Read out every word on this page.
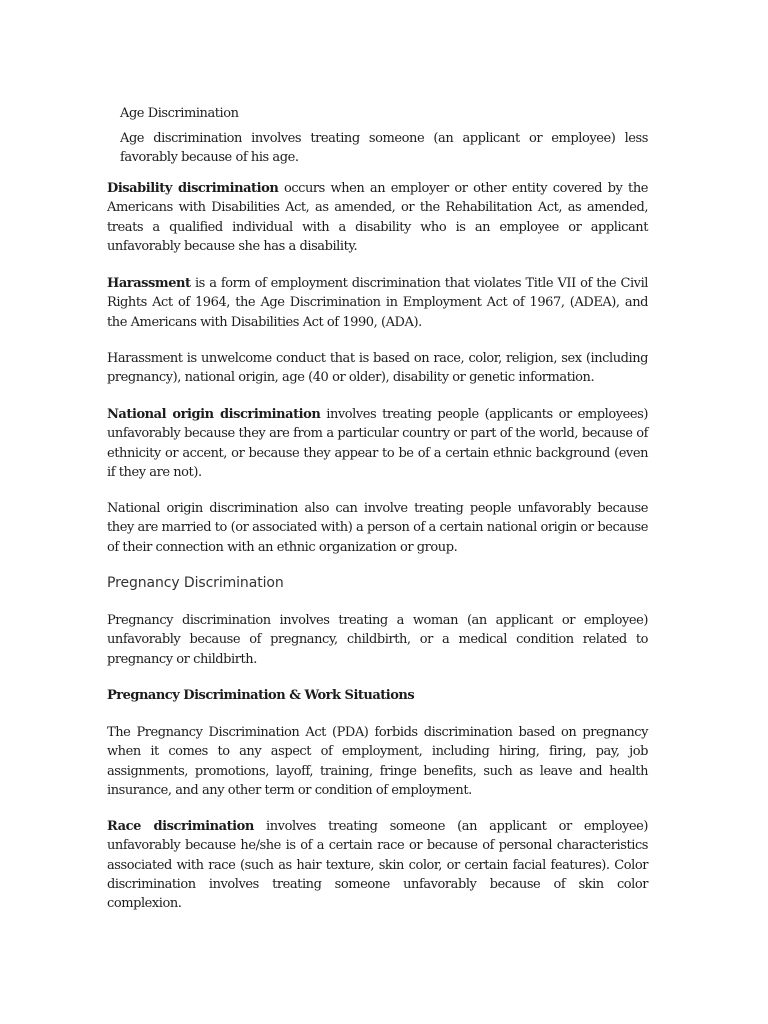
Age Discrimination

Age discrimination involves treating someone (an applicant or employee) less favorably because of his age.

Disability discrimination occurs when an employer or other entity covered by the Americans with Disabilities Act, as amended, or the Rehabilitation Act, as amended, treats a qualified individual with a disability who is an employee or applicant unfavorably because she has a disability.

Harassment is a form of employment discrimination that violates Title VII of the Civil Rights Act of 1964, the Age Discrimination in Employment Act of 1967, (ADEA), and the Americans with Disabilities Act of 1990, (ADA).

Harassment is unwelcome conduct that is based on race, color, religion, sex (including pregnancy), national origin, age (40 or older), disability or genetic information.

National origin discrimination involves treating people (applicants or employees) unfavorably because they are from a particular country or part of the world, because of ethnicity or accent, or because they appear to be of a certain ethnic background (even if they are not).

National origin discrimination also can involve treating people unfavorably because they are married to (or associated with) a person of a certain national origin or because of their connection with an ethnic organization or group.

Pregnancy Discrimination

Pregnancy discrimination involves treating a woman (an applicant or employee) unfavorably because of pregnancy, childbirth, or a medical condition related to pregnancy or childbirth.

Pregnancy Discrimination & Work Situations

The Pregnancy Discrimination Act (PDA) forbids discrimination based on pregnancy when it comes to any aspect of employment, including hiring, firing, pay, job assignments, promotions, layoff, training, fringe benefits, such as leave and health insurance, and any other term or condition of employment.

Race discrimination involves treating someone (an applicant or employee) unfavorably because he/she is of a certain race or because of personal characteristics associated with race (such as hair texture, skin color, or certain facial features). Color discrimination involves treating someone unfavorably because of skin color complexion.
